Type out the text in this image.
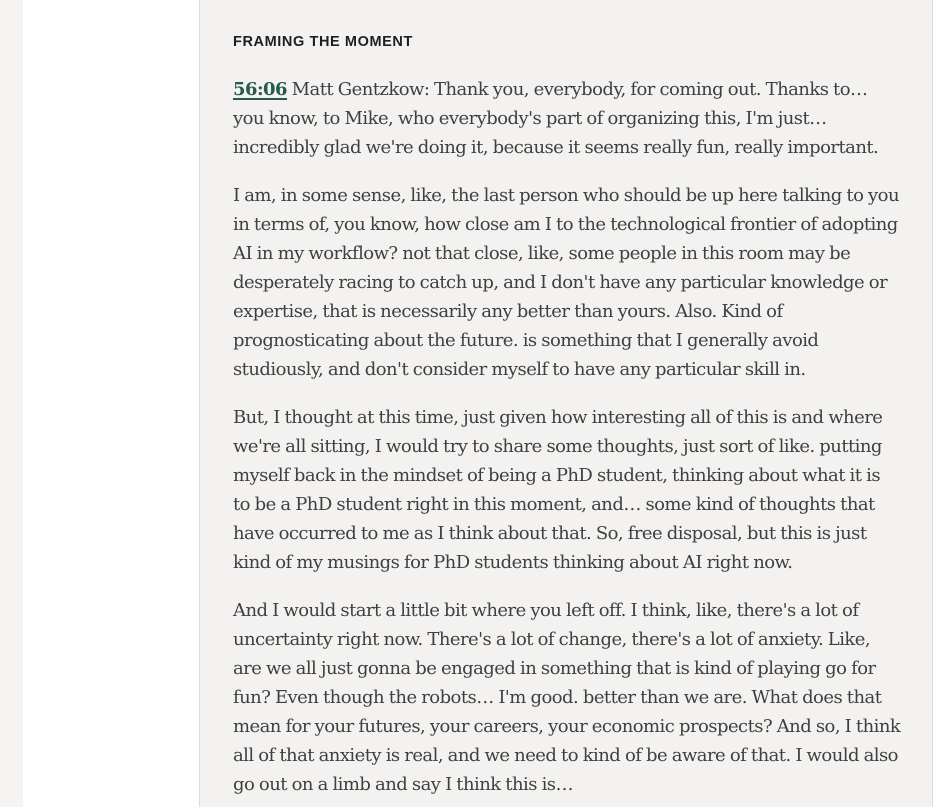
FRAMING THE MOMENT

56:06 Matt Gentzkow: Thank you, everybody, for coming out. Thanks to… you know, to Mike, who everybody's part of organizing this, I'm just… incredibly glad we're doing it, because it seems really fun, really important.

I am, in some sense, like, the last person who should be up here talking to you in terms of, you know, how close am I to the technological frontier of adopting AI in my workflow? not that close, like, some people in this room may be desperately racing to catch up, and I don't have any particular knowledge or expertise, that is necessarily any better than yours. Also. Kind of prognosticating about the future. is something that I generally avoid studiously, and don't consider myself to have any particular skill in.

But, I thought at this time, just given how interesting all of this is and where we're all sitting, I would try to share some thoughts, just sort of like. putting myself back in the mindset of being a PhD student, thinking about what it is to be a PhD student right in this moment, and… some kind of thoughts that have occurred to me as I think about that. So, free disposal, but this is just kind of my musings for PhD students thinking about AI right now.

And I would start a little bit where you left off. I think, like, there's a lot of uncertainty right now. There's a lot of change, there's a lot of anxiety. Like, are we all just gonna be engaged in something that is kind of playing go for fun? Even though the robots… I'm good. better than we are. What does that mean for your futures, your careers, your economic prospects? And so, I think all of that anxiety is real, and we need to kind of be aware of that. I would also go out on a limb and say I think this is…
